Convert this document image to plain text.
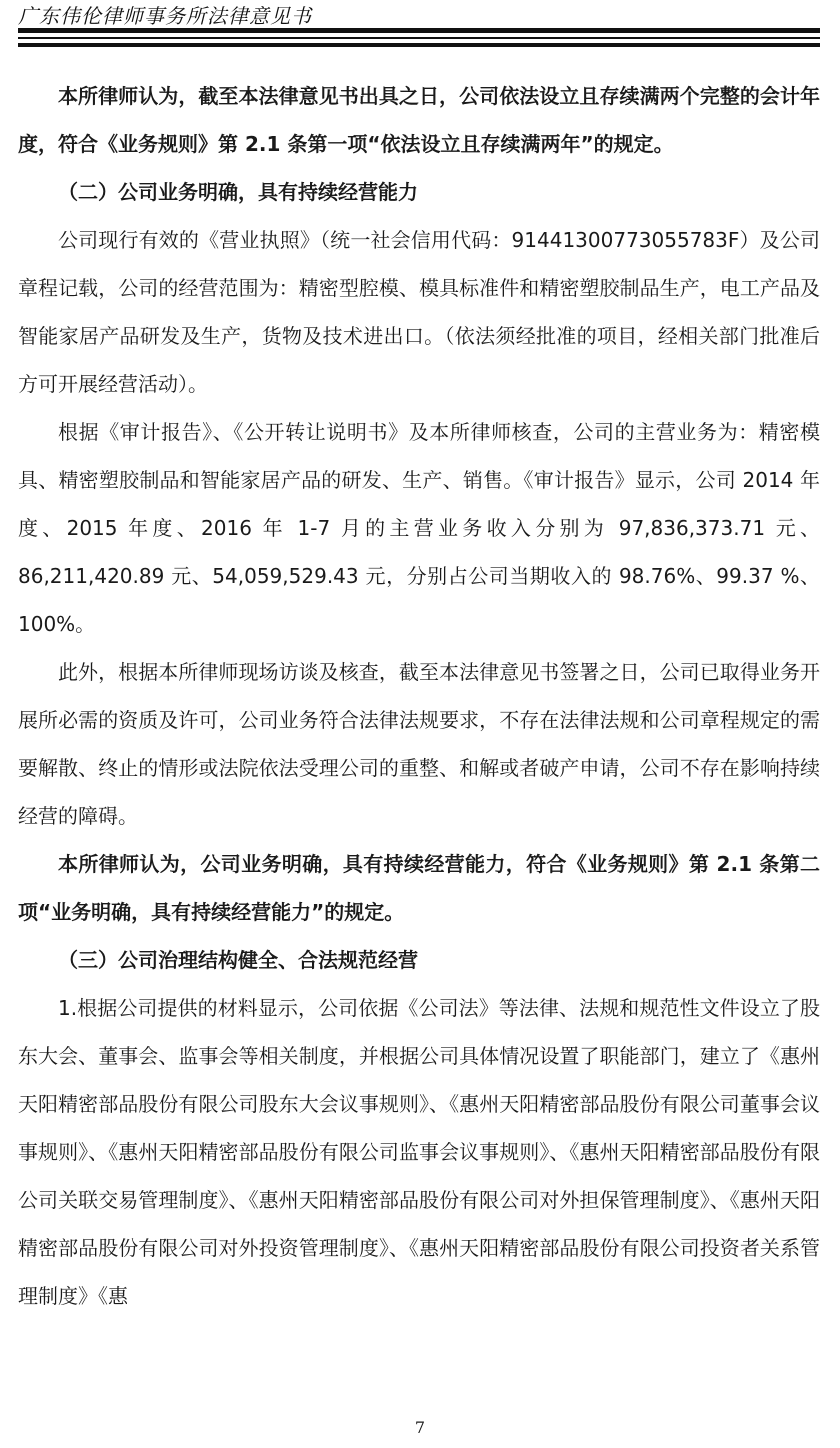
广东伟伦律师事务所法律意见书

本所律师认为，截至本法律意见书出具之日，公司依法设立且存续满两个完整的会计年度，符合《业务规则》第 2.1 条第一项“依法设立且存续满两年”的规定。

（二）公司业务明确，具有持续经营能力

公司现行有效的《营业执照》（统一社会信用代码：91441300773055783F）及公司章程记载，公司的经营范围为：精密型腔模、模具标准件和精密塑胶制品生产，电工产品及智能家居产品研发及生产，货物及技术进出口。（依法须经批准的项目，经相关部门批准后方可开展经营活动）。

根据《审计报告》、《公开转让说明书》及本所律师核查，公司的主营业务为：精密模具、精密塑胶制品和智能家居产品的研发、生产、销售。《审计报告》显示，公司 2014 年度、2015 年度、2016 年 1-7 月的主营业务收入分别为 97,836,373.71 元、86,211,420.89 元、54,059,529.43 元，分别占公司当期收入的 98.76%、99.37 %、100%。

此外，根据本所律师现场访谈及核查，截至本法律意见书签署之日，公司已取得业务开展所必需的资质及许可，公司业务符合法律法规要求，不存在法律法规和公司章程规定的需要解散、终止的情形或法院依法受理公司的重整、和解或者破产申请，公司不存在影响持续经营的障碍。

本所律师认为，公司业务明确，具有持续经营能力，符合《业务规则》第 2.1 条第二项“业务明确，具有持续经营能力”的规定。

（三）公司治理结构健全、合法规范经营

1.根据公司提供的材料显示，公司依据《公司法》等法律、法规和规范性文件设立了股东大会、董事会、监事会等相关制度，并根据公司具体情况设置了职能部门，建立了《惠州天阳精密部品股份有限公司股东大会议事规则》、《惠州天阳精密部品股份有限公司董事会议事规则》、《惠州天阳精密部品股份有限公司监事会议事规则》、《惠州天阳精密部品股份有限公司关联交易管理制度》、《惠州天阳精密部品股份有限公司对外担保管理制度》、《惠州天阳精密部品股份有限公司对外投资管理制度》、《惠州天阳精密部品股份有限公司投资者关系管理制度》《惠

7
